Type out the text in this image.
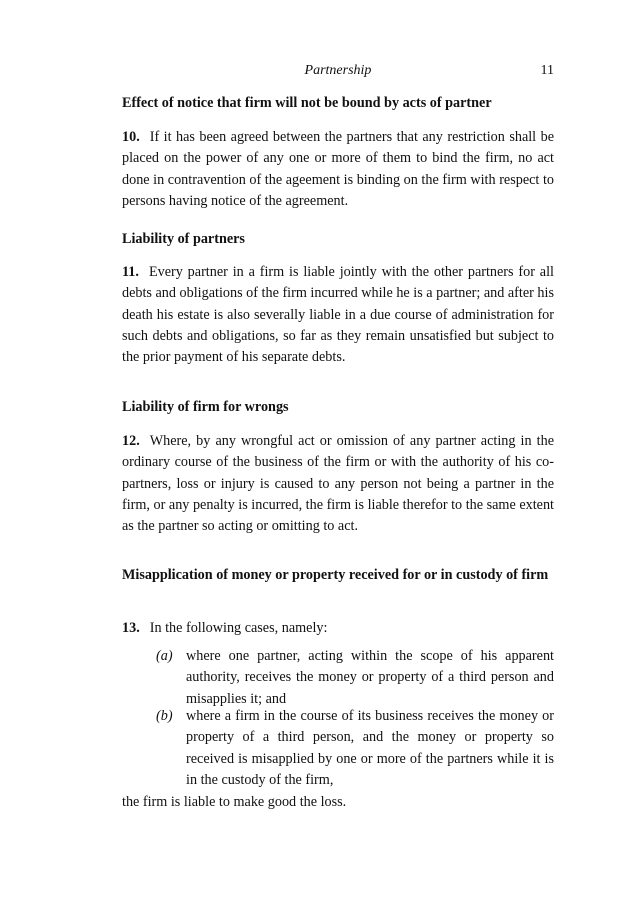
Partnership	11
Effect of notice that firm will not be bound by acts of partner
10. If it has been agreed between the partners that any restriction shall be placed on the power of any one or more of them to bind the firm, no act done in contravention of the ageement is binding on the firm with respect to persons having notice of the agreement.
Liability of partners
11. Every partner in a firm is liable jointly with the other partners for all debts and obligations of the firm incurred while he is a partner; and after his death his estate is also severally liable in a due course of administration for such debts and obligations, so far as they remain unsatisfied but subject to the prior payment of his separate debts.
Liability of firm for wrongs
12. Where, by any wrongful act or omission of any partner acting in the ordinary course of the business of the firm or with the authority of his co-partners, loss or injury is caused to any person not being a partner in the firm, or any penalty is incurred, the firm is liable therefor to the same extent as the partner so acting or omitting to act.
Misapplication of money or property received for or in custody of firm
13. In the following cases, namely:
(a) where one partner, acting within the scope of his apparent authority, receives the money or property of a third person and misapplies it; and
(b) where a firm in the course of its business receives the money or property of a third person, and the money or property so received is misapplied by one or more of the partners while it is in the custody of the firm,
the firm is liable to make good the loss.
